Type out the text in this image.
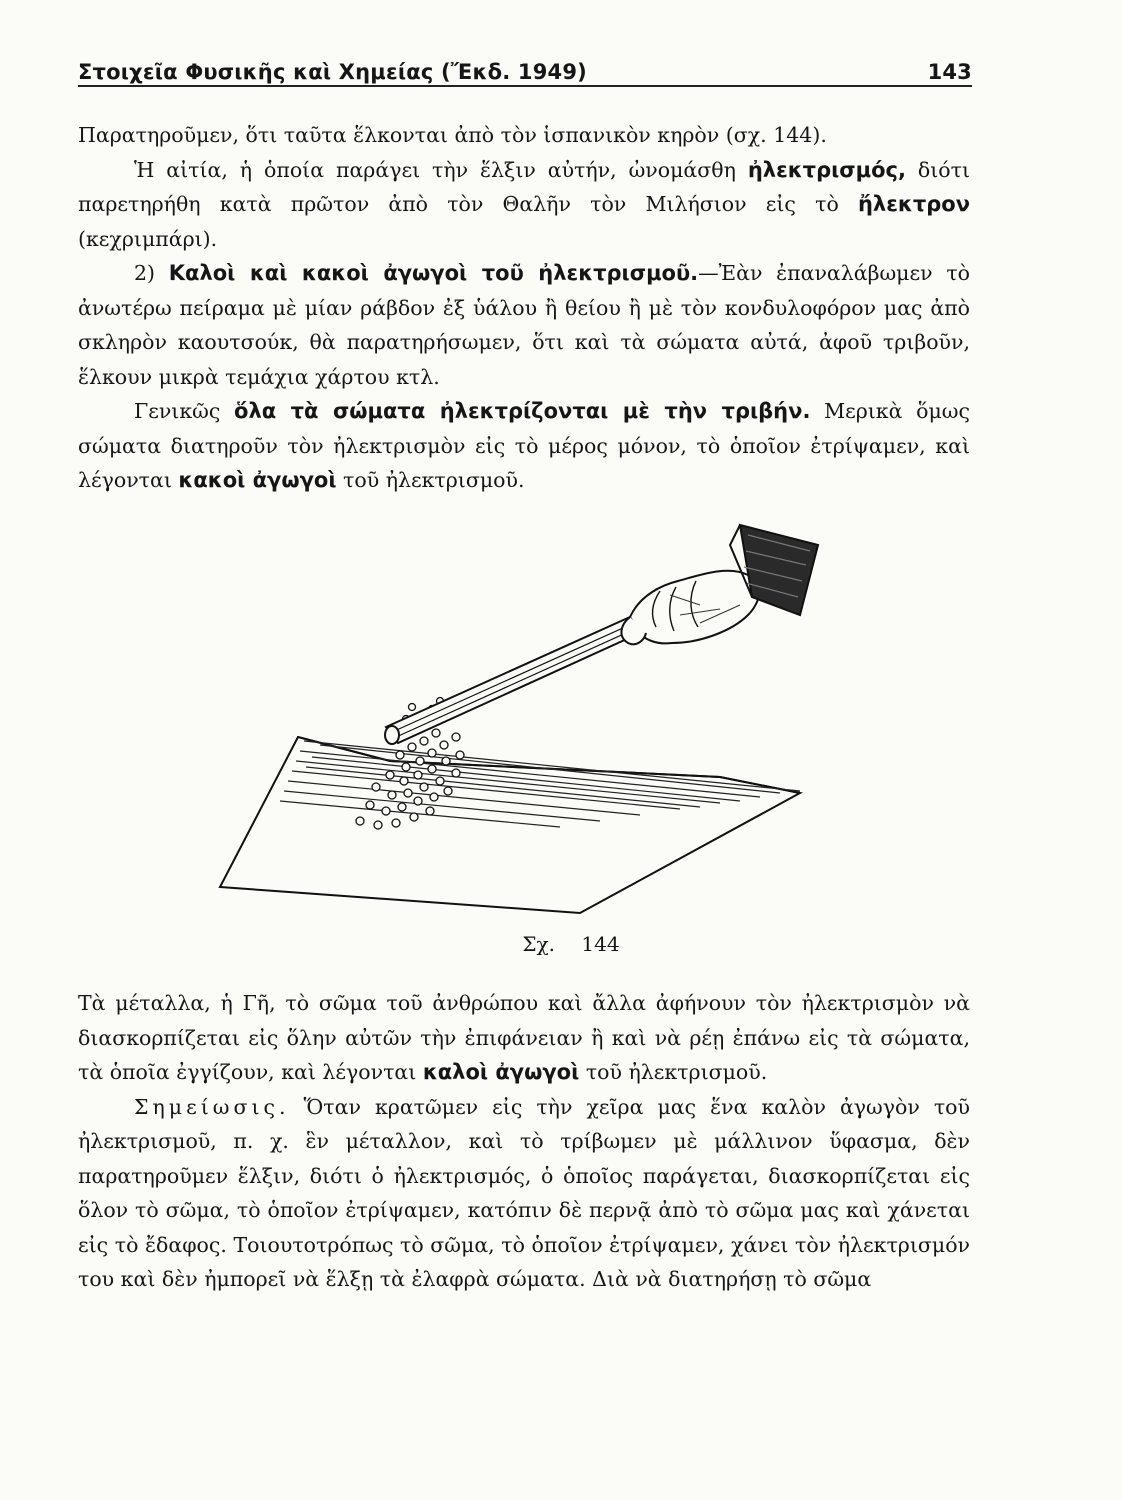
Στοιχεῖα Φυσικῆς καὶ Χημείας (Ἔκδ. 1949)	143

Παρατηροῦμεν, ὅτι ταῦτα ἕλκονται ἀπὸ τὸν ἱσπανικὸν κηρὸν (σχ. 144).

Ἡ αἰτία, ἡ ὁποία παράγει τὴν ἕλξιν αὐτήν, ὠνομάσθη ἠλεκτρισμός, διότι παρετηρήθη κατὰ πρῶτον ἀπὸ τὸν Θαλῆν τὸν Μιλήσιον εἰς τὸ ἤλεκτρον (κεχριμπάρι).

2) Καλοὶ καὶ κακοὶ ἀγωγοὶ τοῦ ἠλεκτρισμοῦ.—Ἐὰν ἐπαναλάβωμεν τὸ ἀνωτέρω πείραμα μὲ μίαν ράβδον ἐξ ὑάλου ἢ θείου ἢ μὲ τὸν κονδυλοφόρον μας ἀπὸ σκληρὸν καουτσούκ, θὰ παρατηρήσωμεν, ὅτι καὶ τὰ σώματα αὐτά, ἀφοῦ τριβοῦν, ἕλκουν μικρὰ τεμάχια χάρτου κτλ.

Γενικῶς ὅλα τὰ σώματα ἠλεκτρίζονται μὲ τὴν τριβήν. Μερικὰ ὅμως σώματα διατηροῦν τὸν ἠλεκτρισμὸν εἰς τὸ μέρος μόνον, τὸ ὁποῖον ἐτρίψαμεν, καὶ λέγονται κακοὶ ἀγωγοὶ τοῦ ἠλεκτρισμοῦ.

Σχ. 144

Τὰ μέταλλα, ἡ Γῆ, τὸ σῶμα τοῦ ἀνθρώπου καὶ ἄλλα ἀφήνουν τὸν ἠλεκτρισμὸν νὰ διασκορπίζεται εἰς ὅλην αὐτῶν τὴν ἐπιφάνειαν ἢ καὶ νὰ ρέῃ ἐπάνω εἰς τὰ σώματα, τὰ ὁποῖα ἐγγίζουν, καὶ λέγονται καλοὶ ἀγωγοὶ τοῦ ἠλεκτρισμοῦ.

Σημείωσις. Ὅταν κρατῶμεν εἰς τὴν χεῖρα μας ἕνα καλὸν ἀγωγὸν τοῦ ἠλεκτρισμοῦ, π. χ. ἓν μέταλλον, καὶ τὸ τρίβωμεν μὲ μάλλινον ὕφασμα, δὲν παρατηροῦμεν ἕλξιν, διότι ὁ ἠλεκτρισμός, ὁ ὁποῖος παράγεται, διασκορπίζεται εἰς ὅλον τὸ σῶμα, τὸ ὁποῖον ἐτρίψαμεν, κατόπιν δὲ περνᾷ ἀπὸ τὸ σῶμα μας καὶ χάνεται εἰς τὸ ἔδαφος. Τοιουτοτρόπως τὸ σῶμα, τὸ ὁποῖον ἐτρίψαμεν, χάνει τὸν ἠλεκτρισμόν του καὶ δὲν ἠμπορεῖ νὰ ἕλξῃ τὰ ἐλαφρὰ σώματα. Διὰ νὰ διατηρήσῃ τὸ σῶμα
